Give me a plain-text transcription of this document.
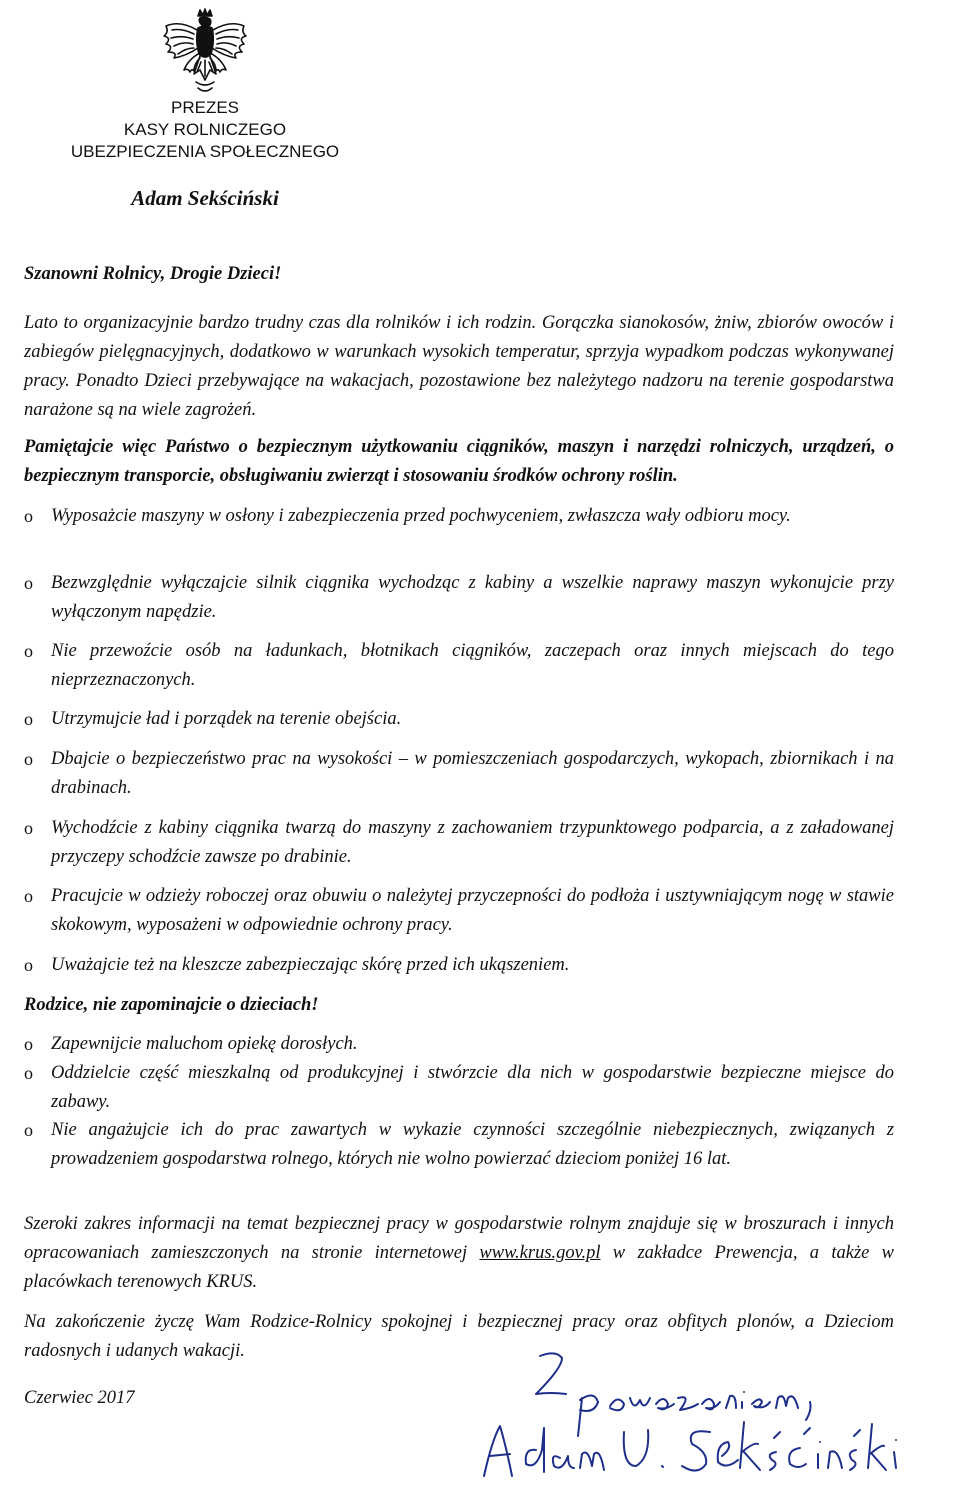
PREZES
KASY ROLNICZEGO
UBEZPIECZENIA SPOŁECZNEGO
Adam Sekściński
Szanowni Rolnicy, Drogie Dzieci!
Lato to organizacyjnie bardzo trudny czas dla rolników i ich rodzin. Gorączka sianokosów, żniw, zbiorów owoców i zabiegów pielęgnacyjnych, dodatkowo w warunkach wysokich temperatur, sprzyja wypadkom podczas wykonywanej pracy. Ponadto Dzieci przebywające na wakacjach, pozostawione bez należytego nadzoru na terenie gospodarstwa narażone są na wiele zagrożeń.
Pamiętajcie więc Państwo o bezpiecznym użytkowaniu ciągników, maszyn i narzędzi rolniczych, urządzeń, o bezpiecznym transporcie, obsługiwaniu zwierząt i stosowaniu środków ochrony roślin.
o Wyposażcie maszyny w osłony i zabezpieczenia przed pochwyceniem, zwłaszcza wały odbioru mocy.
o Bezwzględnie wyłączajcie silnik ciągnika wychodząc z kabiny a wszelkie naprawy maszyn wykonujcie przy wyłączonym napędzie.
o Nie przewoźcie osób na ładunkach, błotnikach ciągników, zaczepach oraz innych miejscach do tego nieprzeznaczonych.
o Utrzymujcie ład i porządek na terenie obejścia.
o Dbajcie o bezpieczeństwo prac na wysokości – w pomieszczeniach gospodarczych, wykopach, zbiornikach i na drabinach.
o Wychodźcie z kabiny ciągnika twarzą do maszyny z zachowaniem trzypunktowego podparcia, a z załadowanej przyczepy schodźcie zawsze po drabinie.
o Pracujcie w odzieży roboczej oraz obuwiu o należytej przyczepności do podłoża i usztywniającym nogę w stawie skokowym, wyposażeni w odpowiednie ochrony pracy.
o Uważajcie też na kleszcze zabezpieczając skórę przed ich ukąszeniem.
Rodzice, nie zapominajcie o dzieciach!
o Zapewnijcie maluchom opiekę dorosłych.
o Oddzielcie część mieszkalną od produkcyjnej i stwórzcie dla nich w gospodarstwie bezpieczne miejsce do zabawy.
o Nie angażujcie ich do prac zawartych w wykazie czynności szczególnie niebezpiecznych, związanych z prowadzeniem gospodarstwa rolnego, których nie wolno powierzać dzieciom poniżej 16 lat.
Szeroki zakres informacji na temat bezpiecznej pracy w gospodarstwie rolnym znajduje się w broszurach i innych opracowaniach zamieszczonych na stronie internetowej www.krus.gov.pl w zakładce Prewencja, a także w placówkach terenowych KRUS.
Na zakończenie życzę Wam Rodzice-Rolnicy spokojnej i bezpiecznej pracy oraz obfitych plonów, a Dzieciom radosnych i udanych wakacji.
Czerwiec 2017
